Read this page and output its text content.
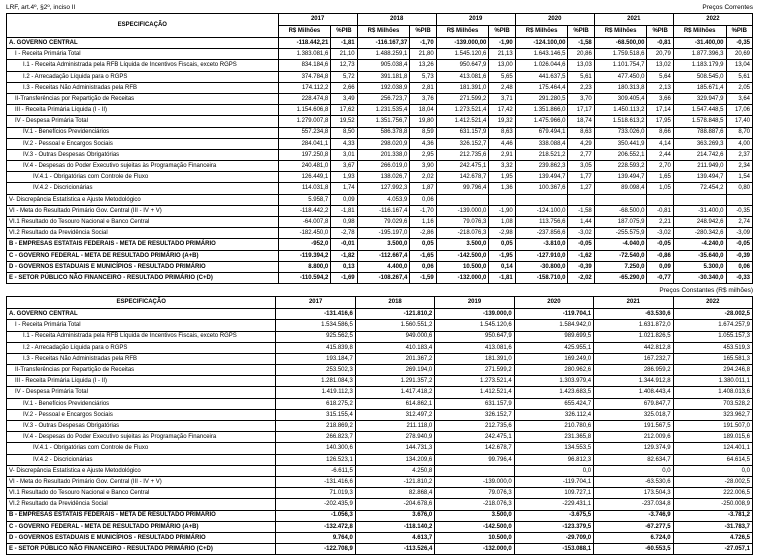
LRF, art.4º, §2º, inciso II	Preços Correntes
ESPECIFICAÇÃO	2017		2018		2019		2020		2021		2022	
	R$ Milhões	%PIB	R$ Milhões	%PIB	R$ Milhões	%PIB	R$ Milhões	%PIB	R$ Milhões	%PIB	R$ Milhões	%PIB
A. GOVERNO CENTRAL	-118.442,21	-1,81	-116.167,37	-1,70	-139.000,00	-1,90	-124.100,00	-1,58	-68.500,00	-0,81	-31.400,00	-0,35
I - Receita Primária Total	1.383.081,6	21,10	1.488.259,1	21,80	1.545.120,6	21,13	1.643.146,5	20,86	1.759.518,6	20,79	1.877.396,3	20,69
I.1 - Receita Administrada pela RFB Líquida de Incentivos Fiscais, exceto RGPS	834.184,6	12,73	905.038,4	13,26	950.647,9	13,00	1.026.044,6	13,03	1.101.754,7	13,02	1.183.179,9	13,04
I.2 - Arrecadação Líquida para o RGPS	374.784,8	5,72	391.181,8	5,73	413.081,6	5,65	441.637,5	5,61	477.450,0	5,64	508.545,0	5,61
I.3 - Receitas Não Administradas pela RFB	174.112,2	2,66	192.038,9	2,81	181.391,0	2,48	175.464,4	2,23	180.313,8	2,13	185.671,4	2,05
II-Transferências por Repartição de Receitas	228.474,8	3,49	256.723,7	3,76	271.599,2	3,71	291.280,5	3,70	309.405,4	3,66	329.947,9	3,64
III - Receita Primária Líquida (I - II)	1.154.606,8	17,62	1.231.535,4	18,04	1.273.521,4	17,42	1.351.866,0	17,17	1.450.113,2	17,14	1.547.448,5	17,06
IV - Despesa Primária Total	1.279.007,8	19,52	1.351.756,7	19,80	1.412.521,4	19,32	1.475.966,0	18,74	1.518.613,2	17,95	1.578.848,5	17,40
IV.1 - Benefícios Previdenciários	557.234,8	8,50	586.378,8	8,59	631.157,9	8,63	679.494,1	8,63	733.026,0	8,66	788.887,6	8,70
IV.2 - Pessoal e Encargos Sociais	284.041,1	4,33	298.020,9	4,36	326.152,7	4,46	338.088,4	4,29	350.441,9	4,14	363.269,3	4,00
IV.3 - Outras Despesas Obrigatórias	197.250,8	3,01	201.338,0	2,95	212.735,6	2,91	218.521,2	2,77	206.552,1	2,44	214.742,6	2,37
IV.4 - Despesas do Poder Executivo sujeitas às Programação Financeira	240.481,0	3,67	266.019,0	3,90	242.475,1	3,32	239.862,3	3,05	228.593,2	2,70	211.949,0	2,34
IV.4.1 - Obrigatórias com Controle de Fluxo	126.449,1	1,93	138.026,7	2,02	142.678,7	1,95	139.494,7	1,77	139.494,7	1,65	139.494,7	1,54
IV.4.2 - Discricionárias	114.031,8	1,74	127.992,3	1,87	99.796,4	1,36	100.367,6	1,27	89.098,4	1,05	72.454,2	0,80
V- Discrepância Estatística e Ajuste Metodológico	5.958,7	0,09	4.053,9	0,06								
VI - Meta do Resultado Primário Gov. Central (III - IV + V)	-118.442,2	-1,81	-116.167,4	-1,70	-139.000,0	-1,90	-124.100,0	-1,58	-68.500,0	-0,81	-31.400,0	-0,35
VI.1 Resultado do Tesouro Nacional e Banco Central	-64.007,8	0,98	79.029,6	1,16	79.076,3	1,08	113.756,6	1,44	187.075,9	2,21	248.942,6	2,74
VI.2 Resultado da Previdência Social	-182.450,0	-2,78	-195.197,0	-2,86	-218.076,3	-2,98	-237.856,6	-3,02	-255.575,9	-3,02	-280.342,6	-3,09
B - EMPRESAS ESTATAIS FEDERAIS - META DE RESULTADO PRIMÁRIO	-952,0	-0,01	3.500,0	0,05	3.500,0	0,05	-3.810,0	-0,05	-4.040,0	-0,05	-4.240,0	-0,05
C - GOVERNO FEDERAL - META DE RESULTADO PRIMÁRIO (A+B)	-119.394,2	-1,82	-112.667,4	-1,65	-142.500,0	-1,95	-127.910,0	-1,62	-72.540,0	-0,86	-35.640,0	-0,39
D - GOVERNOS ESTADUAIS E MUNICÍPIOS - RESULTADO PRIMÁRIO	8.800,0	0,13	4.400,0	0,06	10.500,0	0,14	-30.800,0	-0,39	7.250,0	0,09	5.300,0	0,06
E - SETOR PÚBLICO NÃO FINANCEIRO - RESULTADO PRIMÁRIO (C+D)	-110.594,2	-1,69	-108.267,4	-1,59	-132.000,0	-1,81	-158.710,0	-2,02	-65.290,0	-0,77	-30.340,0	-0,33
Preços Constantes (R$ milhões)
ESPECIFICAÇÃO	2017	2018	2019	2020	2021	2022
A. GOVERNO CENTRAL	-131.416,6	-121.810,2	-139.000,0	-119.704,1	-63.530,6	-28.002,5
I - Receita Primária Total	1.534.586,5	1.560.551,2	1.545.120,6	1.584.942,0	1.631.872,0	1.674.257,9
I.1 - Receita Administrada pela RFB Líquida de Incentivos Fiscais, exceto RGPS	925.562,5	949.000,6	950.647,9	989.699,5	1.021.826,5	1.055.157,3
I.2 - Arrecadação Líquida para o RGPS	415.839,8	410.183,4	413.081,6	425.955,1	442.812,8	453.519,3
I.3 - Receitas Não Administradas pela RFB	193.184,7	201.367,2	181.391,0	169.249,0	167.232,7	165.581,3
II-Transferências por Repartição de Receitas	253.502,3	269.194,0	271.599,2	280.962,6	286.959,2	294.246,8
III - Receita Primária Líquida (I - II)	1.281.084,3	1.291.357,2	1.273.521,4	1.303.979,4	1.344.912,8	1.380.011,1
IV - Despesa Primária Total	1.419.112,3	1.417.418,2	1.412.521,4	1.423.683,5	1.408.443,4	1.408.013,6
IV.1 - Benefícios Previdenciários	618.275,2	614.862,1	631.157,9	655.424,7	679.847,7	703.528,2
IV.2 - Pessoal e Encargos Sociais	315.155,4	312.497,2	326.152,7	326.112,4	325.018,7	323.962,7
IV.3 - Outras Despesas Obrigatórias	218.869,2	211.118,0	212.735,6	210.780,6	191.567,5	191.507,0
IV.4 - Despesas do Poder Executivo sujeitas às Programação Financeira	266.823,7	278.940,9	242.475,1	231.365,8	212.009,6	189.015,6
IV.4.1 - Obrigatórias com Controle de Fluxo	140.300,6	144.731,3	142.678,7	134.553,5	129.374,9	124.401,1
IV.4.2 - Discricionárias	126.523,1	134.209,6	99.796,4	96.812,3	82.634,7	64.614,5
V- Discrepância Estatística e Ajuste Metodológico	-6.611,5	4.250,8		0,0	0,0	0,0
VI - Meta do Resultado Primário Gov. Central (III - IV + V)	-131.416,6	-121.810,2	-139.000,0	-119.704,1	-63.530,6	-28.002,5
VI.1 Resultado do Tesouro Nacional e Banco Central	71.019,3	82.868,4	79.076,3	109.727,1	173.504,3	222.006,5
VI.2 Resultado da Previdência Social	-202.435,9	-204.678,6	-218.076,3	-229.431,1	-237.034,8	-250.008,9
B - EMPRESAS ESTATAIS FEDERAIS - META DE RESULTADO PRIMÁRIO	-1.056,3	3.676,0	3.500,0	-3.675,5	-3.746,9	-3.781,2
C - GOVERNO FEDERAL - META DE RESULTADO PRIMÁRIO (A+B)	-132.472,8	-118.140,2	-142.500,0	-123.379,5	-67.277,5	-31.783,7
D - GOVERNOS ESTADUAIS E MUNICÍPIOS - RESULTADO PRIMÁRIO	9.764,0	4.613,7	10.500,0	-29.709,0	6.724,0	4.726,5
E - SETOR PÚBLICO NÃO FINANCEIRO - RESULTADO PRIMÁRIO (C+D)	-122.708,9	-113.526,4	-132.000,0	-153.088,1	-60.553,5	-27.057,1
